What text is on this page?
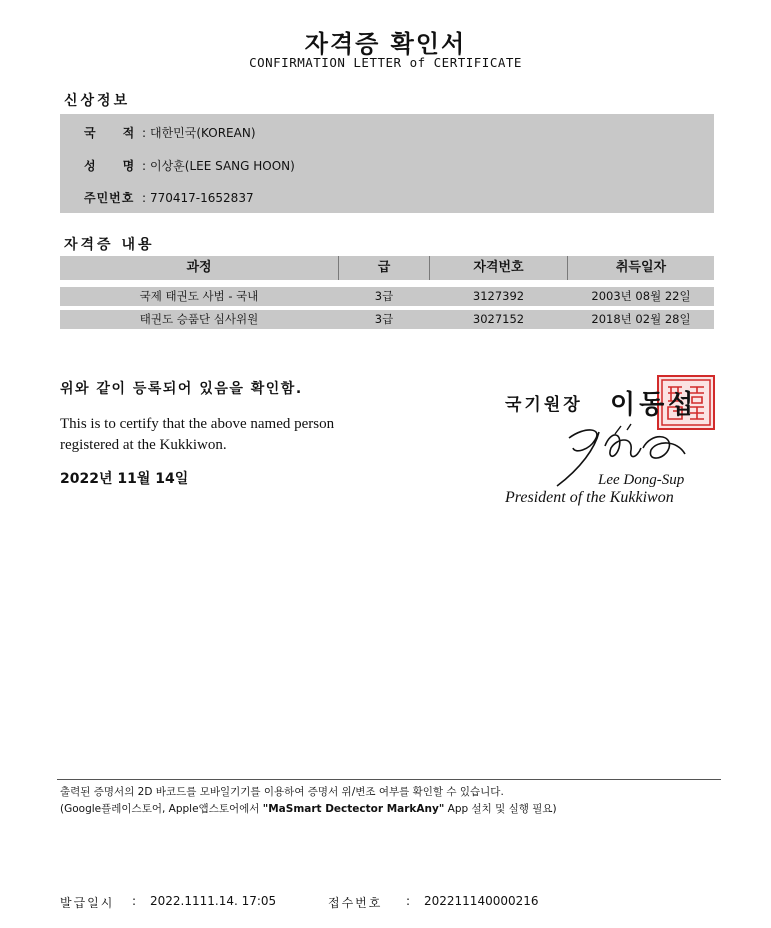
자격증 확인서
CONFIRMATION LETTER of CERTIFICATE
신상정보
국　　적 : 대한민국(KOREAN)
성　　명 : 이상훈(LEE SANG HOON)
주민번호 : 770417-1652837
자격증 내용
과정	급	자격번호	취득일자
국제 태권도 사범 - 국내	3급	3127392	2003년 08월 22일
태권도 승품단 심사위원	3급	3027152	2018년 02월 28일
위와 같이 등록되어 있음을 확인함.
This is to certify that the above named person registered at the Kukkiwon.
2022년 11월 14일
국기원장 이동섭
Lee Dong-Sup
President of the Kukkiwon
출력된 증명서의 2D 바코드를 모바일기기를 이용하여 증명서 위/변조 여부를 확인할 수 있습니다.
(Google플레이스토어, Apple앱스토어에서 "MaSmart Dectector MarkAny" App 설치 및 실행 필요)
발급일시 : 2022.1111.14. 17:05	접수번호 : 202211140000216
